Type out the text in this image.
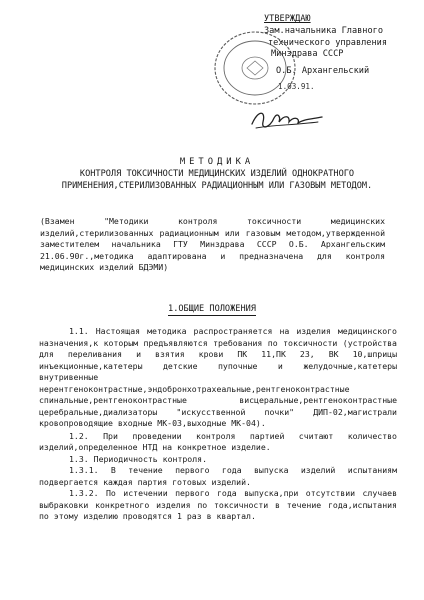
УТВЕРЖДАЮ
Зам.начальника Главного
технического управления
Минздрава СССР
О.Б. Архангельский
1.03.91.
МЕТОДИКА
КОНТРОЛЯ ТОКСИЧНОСТИ МЕДИЦИНСКИХ ИЗДЕЛИЙ ОДНОКРАТНОГО
ПРИМЕНЕНИЯ,СТЕРИЛИЗОВАННЫХ РАДИАЦИОННЫМ ИЛИ ГАЗОВЫМ МЕТОДОМ.

(Взамен "Методики контроля токсичности медицинских изделий,стерилизованных радиационным или газовым методом,утвержденной заместителем начальника ГТУ Минздрава СССР О.Б. Архангельским 21.06.90г.,методика адаптирована и предназначена для контроля медицинских изделий БДЭМИ)

1.ОБЩИЕ ПОЛОЖЕНИЯ

1.1. Настоящая методика распространяется на изделия медицинского назначения,к которым предъявляются требования по токсичности (устройства для переливания и взятия крови ПК 11,ПК 23, ВК 10,шприцы инъекционные,катетеры детские пупочные и желудочные,катетеры внутривенные нерентгеноконтрастные,эндобронхотрахеальные,рентгеноконтрастные спинальные,рентгеноконтрастные висцеральные,рентгеноконтрастные церебральные,диализаторы "искусственной почки" ДИП-02,магистрали кровопроводящие входные МК-03,выходные МК-04).

1.2. При проведении контроля партией считают количество изделий,определенное НТД на конкретное изделие.

1.3. Периодичность контроля.

1.3.1. В течение первого года выпуска изделий испытаниям подвергается каждая партия готовых изделий.

1.3.2. По истечении первого года выпуска,при отсутствии случаев выбраковки конкретного изделия по токсичности в течение года,испытания по этому изделию проводятся 1 раз в квартал.
